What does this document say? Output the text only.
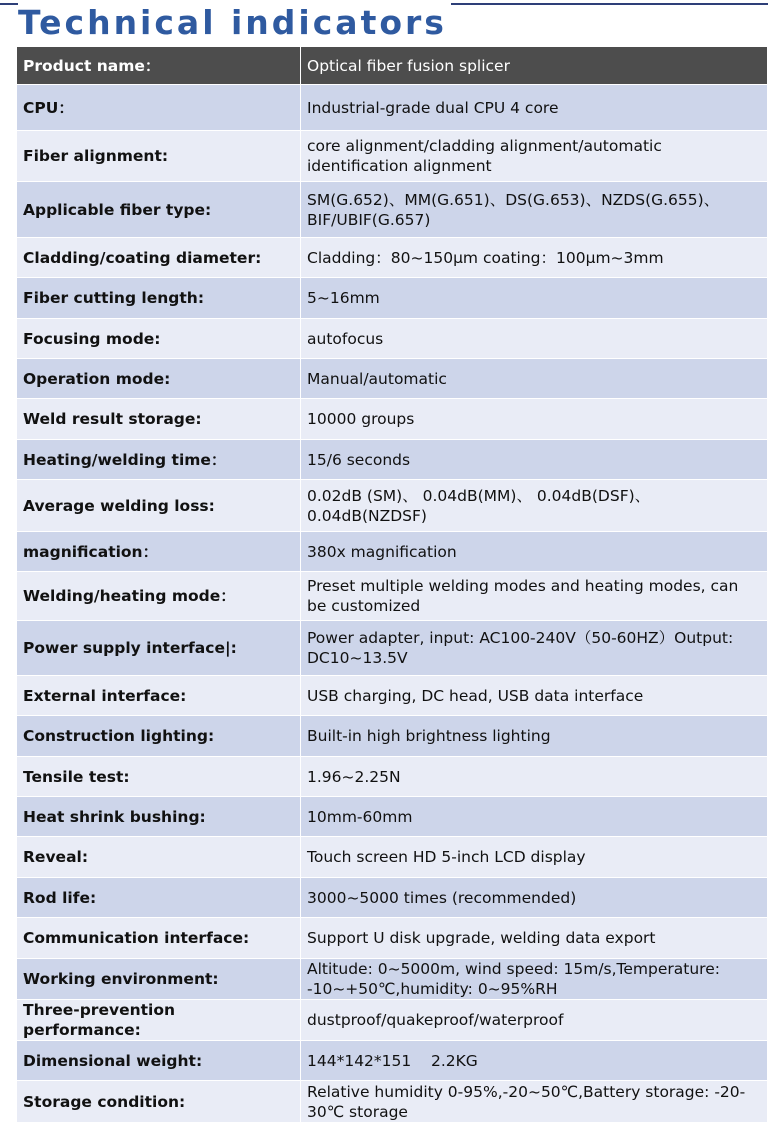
Technical indicators
Product name：	Optical fiber fusion splicer
CPU：	Industrial-grade dual CPU 4 core
Fiber alignment:	core alignment/cladding alignment/automatic identification alignment
Applicable fiber type:	SM(G.652)、MM(G.651)、DS(G.653)、NZDS(G.655)、BIF/UBIF(G.657)
Cladding/coating diameter:	Cladding：80~150μm coating：100μm~3mm
Fiber cutting length:	5~16mm
Focusing mode:	autofocus
Operation mode:	Manual/automatic
Weld result storage:	10000 groups
Heating/welding time：	15/6 seconds
Average welding loss:	0.02dB (SM)、 0.04dB(MM)、 0.04dB(DSF)、 0.04dB(NZDSF)
magnification：	380x magnification
Welding/heating mode：	Preset multiple welding modes and heating modes, can be customized
Power supply interface|:	Power adapter, input: AC100-240V（50-60HZ）Output: DC10~13.5V
External interface:	USB charging, DC head, USB data interface
Construction lighting:	Built-in high brightness lighting
Tensile test:	1.96~2.25N
Heat shrink bushing:	10mm-60mm
Reveal:	Touch screen HD 5-inch LCD display
Rod life:	3000~5000 times (recommended)
Communication interface:	Support U disk upgrade, welding data export
Working environment:	Altitude: 0~5000m, wind speed: 15m/s,Temperature: -10~+50℃,humidity: 0~95%RH
Three-prevention performance:	dustproof/quakeproof/waterproof
Dimensional weight:	144*142*151    2.2KG
Storage condition:	Relative humidity 0-95%,-20~50℃,Battery storage: -20-30℃ storage
